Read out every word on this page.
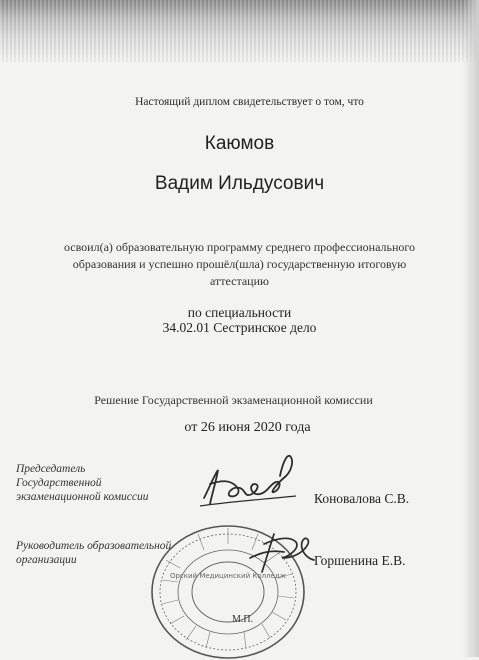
Настоящий диплом свидетельствует о том, что
Каюмов
Вадим Ильдусович
освоил(а) образовательную программу среднего профессионального
образования и успешно прошёл(шла) государственную итоговую
аттестацию
по специальности
34.02.01 Сестринское дело
Решение Государственной экзаменационной комиссии
от 26 июня 2020 года
Председатель
Государственной
экзаменационной комиссии	Коновалова С.В.
Руководитель образовательной
организации	Горшенина Е.В.
Орский Медицинский Колледж
М.П.
